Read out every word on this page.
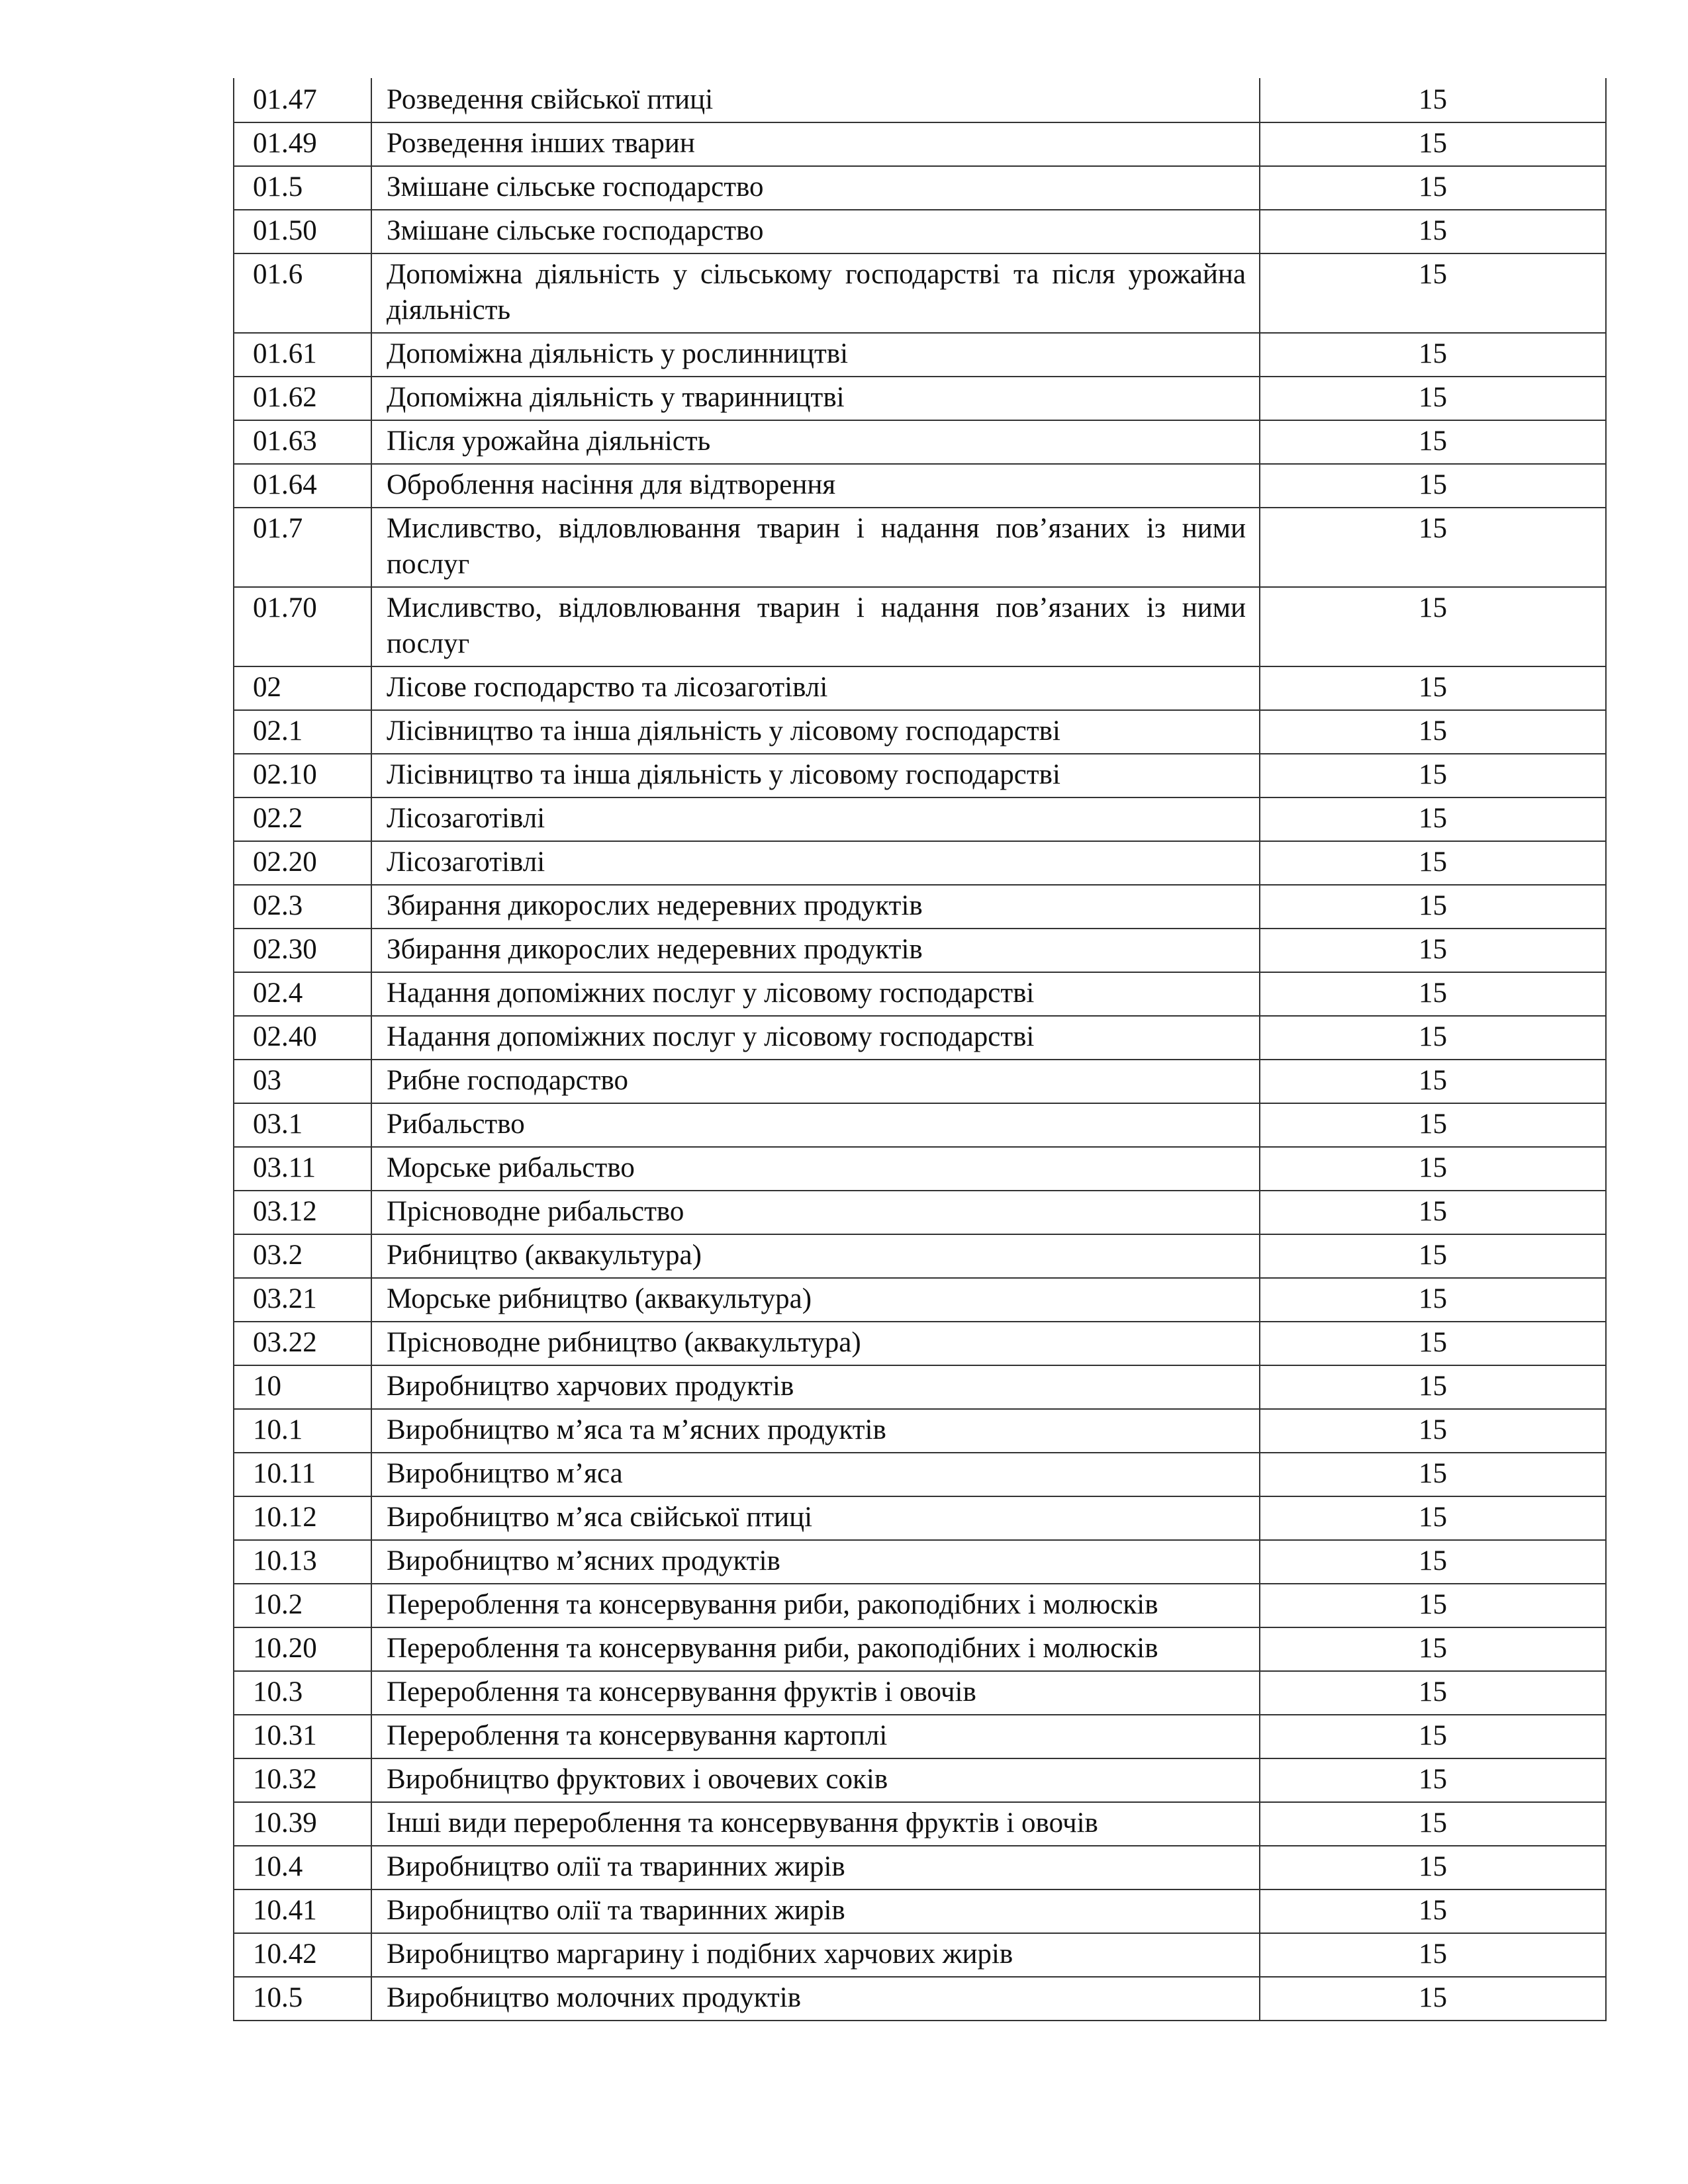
01.47	Розведення свійської птиці	15
01.49	Розведення інших тварин	15
01.5	Змішане сільське господарство	15
01.50	Змішане сільське господарство	15
01.6	Допоміжна діяльність у сільському господарстві та після урожайна діяльність	15
01.61	Допоміжна діяльність у рослинництві	15
01.62	Допоміжна діяльність у тваринництві	15
01.63	Після урожайна діяльність	15
01.64	Оброблення насіння для відтворення	15
01.7	Мисливство, відловлювання тварин і надання пов’язаних із ними послуг	15
01.70	Мисливство, відловлювання тварин і надання пов’язаних із ними послуг	15
02	Лісове господарство та лісозаготівлі	15
02.1	Лісівництво та інша діяльність у лісовому господарстві	15
02.10	Лісівництво та інша діяльність у лісовому господарстві	15
02.2	Лісозаготівлі	15
02.20	Лісозаготівлі	15
02.3	Збирання дикорослих недеревних продуктів	15
02.30	Збирання дикорослих недеревних продуктів	15
02.4	Надання допоміжних послуг у лісовому господарстві	15
02.40	Надання допоміжних послуг у лісовому господарстві	15
03	Рибне господарство	15
03.1	Рибальство	15
03.11	Морське рибальство	15
03.12	Прісноводне рибальство	15
03.2	Рибництво (аквакультура)	15
03.21	Морське рибництво (аквакультура)	15
03.22	Прісноводне рибництво (аквакультура)	15
10	Виробництво харчових продуктів	15
10.1	Виробництво м’яса та м’ясних продуктів	15
10.11	Виробництво м’яса	15
10.12	Виробництво м’яса свійської птиці	15
10.13	Виробництво м’ясних продуктів	15
10.2	Перероблення та консервування риби, ракоподібних і молюсків	15
10.20	Перероблення та консервування риби, ракоподібних і молюсків	15
10.3	Перероблення та консервування фруктів і овочів	15
10.31	Перероблення та консервування картоплі	15
10.32	Виробництво фруктових і овочевих соків	15
10.39	Інші види перероблення та консервування фруктів і овочів	15
10.4	Виробництво олії та тваринних жирів	15
10.41	Виробництво олії та тваринних жирів	15
10.42	Виробництво маргарину і подібних харчових жирів	15
10.5	Виробництво молочних продуктів	15
